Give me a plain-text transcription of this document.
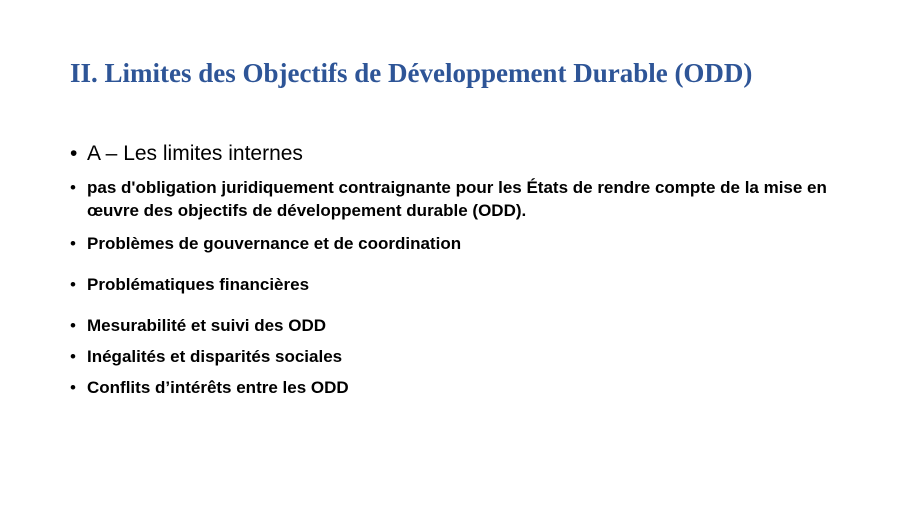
II. Limites des Objectifs de Développement Durable (ODD)
• A – Les limites internes
• pas d'obligation juridiquement contraignante pour les États de rendre compte de la mise en œuvre des objectifs de développement durable (ODD).
• Problèmes de gouvernance et de coordination
• Problématiques financières
• Mesurabilité et suivi des ODD
• Inégalités et disparités sociales
• Conflits d’intérêts entre les ODD
